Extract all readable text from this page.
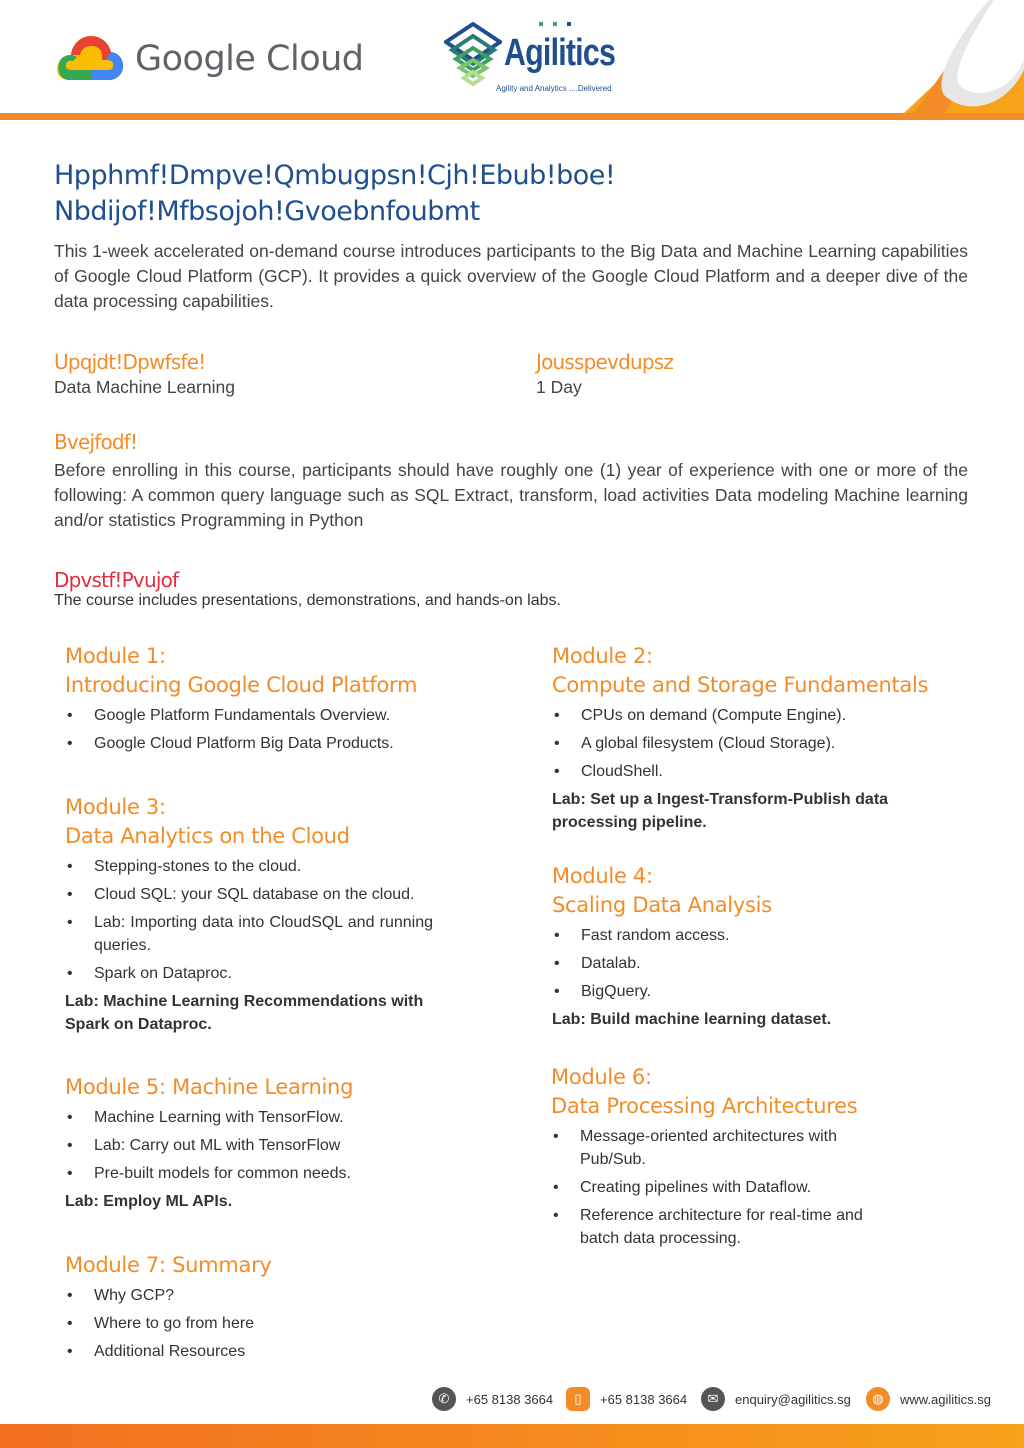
Google Cloud	Agilitics
Agility and Analytics ....Delivered
Hpphmf!Dmpve!Qmbugpsn!Cjh!Ebub!boe!
Nbdijof!Mfbsojoh!Gvoebnfoubmt
This 1-week accelerated on-demand course introduces participants to the Big Data and Machine Learning capabilities of Google Cloud Platform (GCP). It provides a quick overview of the Google Cloud Platform and a deeper dive of the data processing capabilities.
Upqjdt!Dpwfsfe!
Data Machine Learning
Jousspevdupsz
1 Day
Bvejfodf!
Before enrolling in this course, participants should have roughly one (1) year of experience with one or more of the following: A common query language such as SQL Extract, transform, load activities Data modeling Machine learning and/or statistics Programming in Python
Dpvstf!Pvujof
The course includes presentations, demonstrations, and hands-on labs.
Module 1:
Introducing Google Cloud Platform
• Google Platform Fundamentals Overview.
• Google Cloud Platform Big Data Products.
Module 2:
Compute and Storage Fundamentals
• CPUs on demand (Compute Engine).
• A global filesystem (Cloud Storage).
• CloudShell.
Lab: Set up a Ingest-Transform-Publish data processing pipeline.
Module 3:
Data Analytics on the Cloud
• Stepping-stones to the cloud.
• Cloud SQL: your SQL database on the cloud.
• Lab: Importing data into CloudSQL and running queries.
• Spark on Dataproc.
Lab: Machine Learning Recommendations with Spark on Dataproc.
Module 4:
Scaling Data Analysis
• Fast random access.
• Datalab.
• BigQuery.
Lab: Build machine learning dataset.
Module 5: Machine Learning
• Machine Learning with TensorFlow.
• Lab: Carry out ML with TensorFlow
• Pre-built models for common needs.
Lab: Employ ML APIs.
Module 6:
Data Processing Architectures
• Message-oriented architectures with Pub/Sub.
• Creating pipelines with Dataflow.
• Reference architecture for real-time and batch data processing.
Module 7: Summary
• Why GCP?
• Where to go from here
• Additional Resources
✆	+65 8138 3664	▯	+65 8138 3664	✉	enquiry@agilitics.sg	◍	www.agilitics.sg
